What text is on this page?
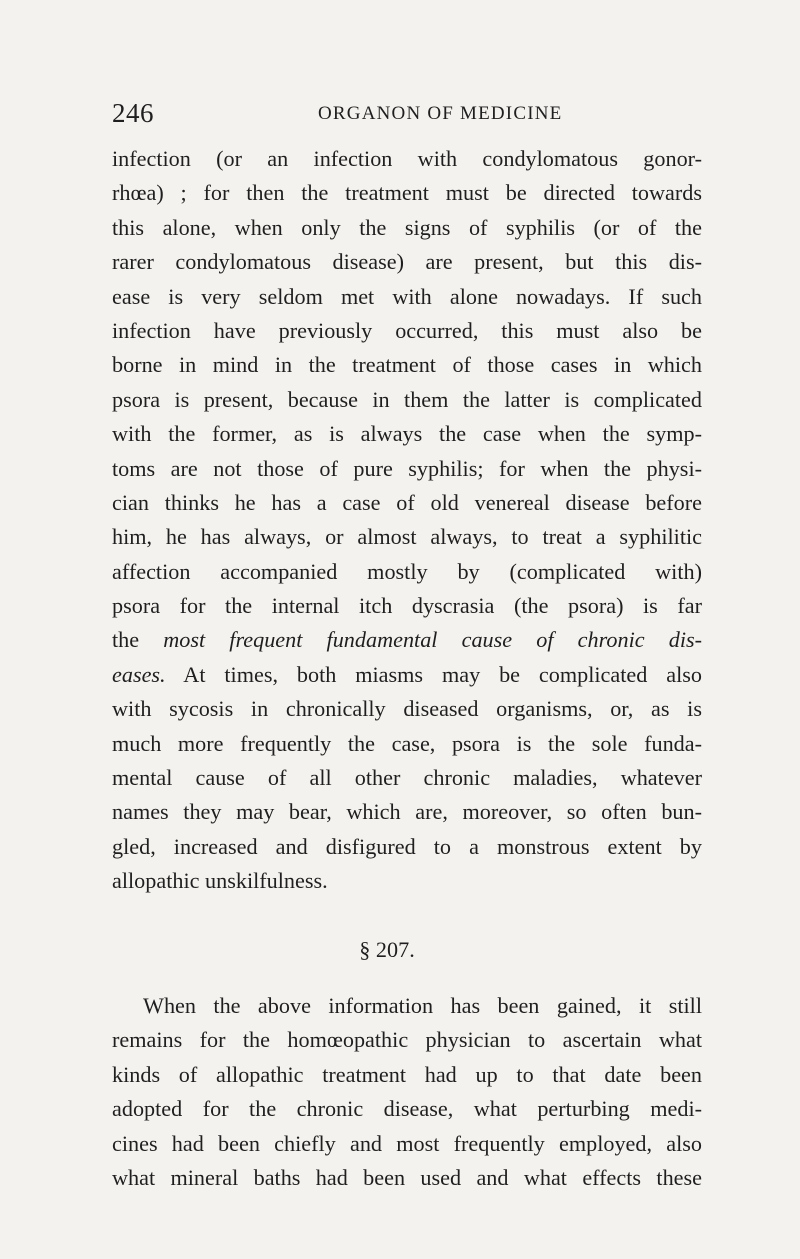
246	ORGANON OF MEDICINE
infection (or an infection with condylomatous gonor-
rhœa) ; for then the treatment must be directed towards
this alone, when only the signs of syphilis (or of the
rarer condylomatous disease) are present, but this dis-
ease is very seldom met with alone nowadays. If such
infection have previously occurred, this must also be
borne in mind in the treatment of those cases in which
psora is present, because in them the latter is complicated
with the former, as is always the case when the symp-
toms are not those of pure syphilis; for when the physi-
cian thinks he has a case of old venereal disease before
him, he has always, or almost always, to treat a syphilitic
affection accompanied mostly by (complicated with)
psora for the internal itch dyscrasia (the psora) is far
the most frequent fundamental cause of chronic dis-
eases. At times, both miasms may be complicated also
with sycosis in chronically diseased organisms, or, as is
much more frequently the case, psora is the sole funda-
mental cause of all other chronic maladies, whatever
names they may bear, which are, moreover, so often bun-
gled, increased and disfigured to a monstrous extent by
allopathic unskilfulness.
§ 207.
When the above information has been gained, it still
remains for the homœopathic physician to ascertain what
kinds of allopathic treatment had up to that date been
adopted for the chronic disease, what perturbing medi-
cines had been chiefly and most frequently employed, also
what mineral baths had been used and what effects these
